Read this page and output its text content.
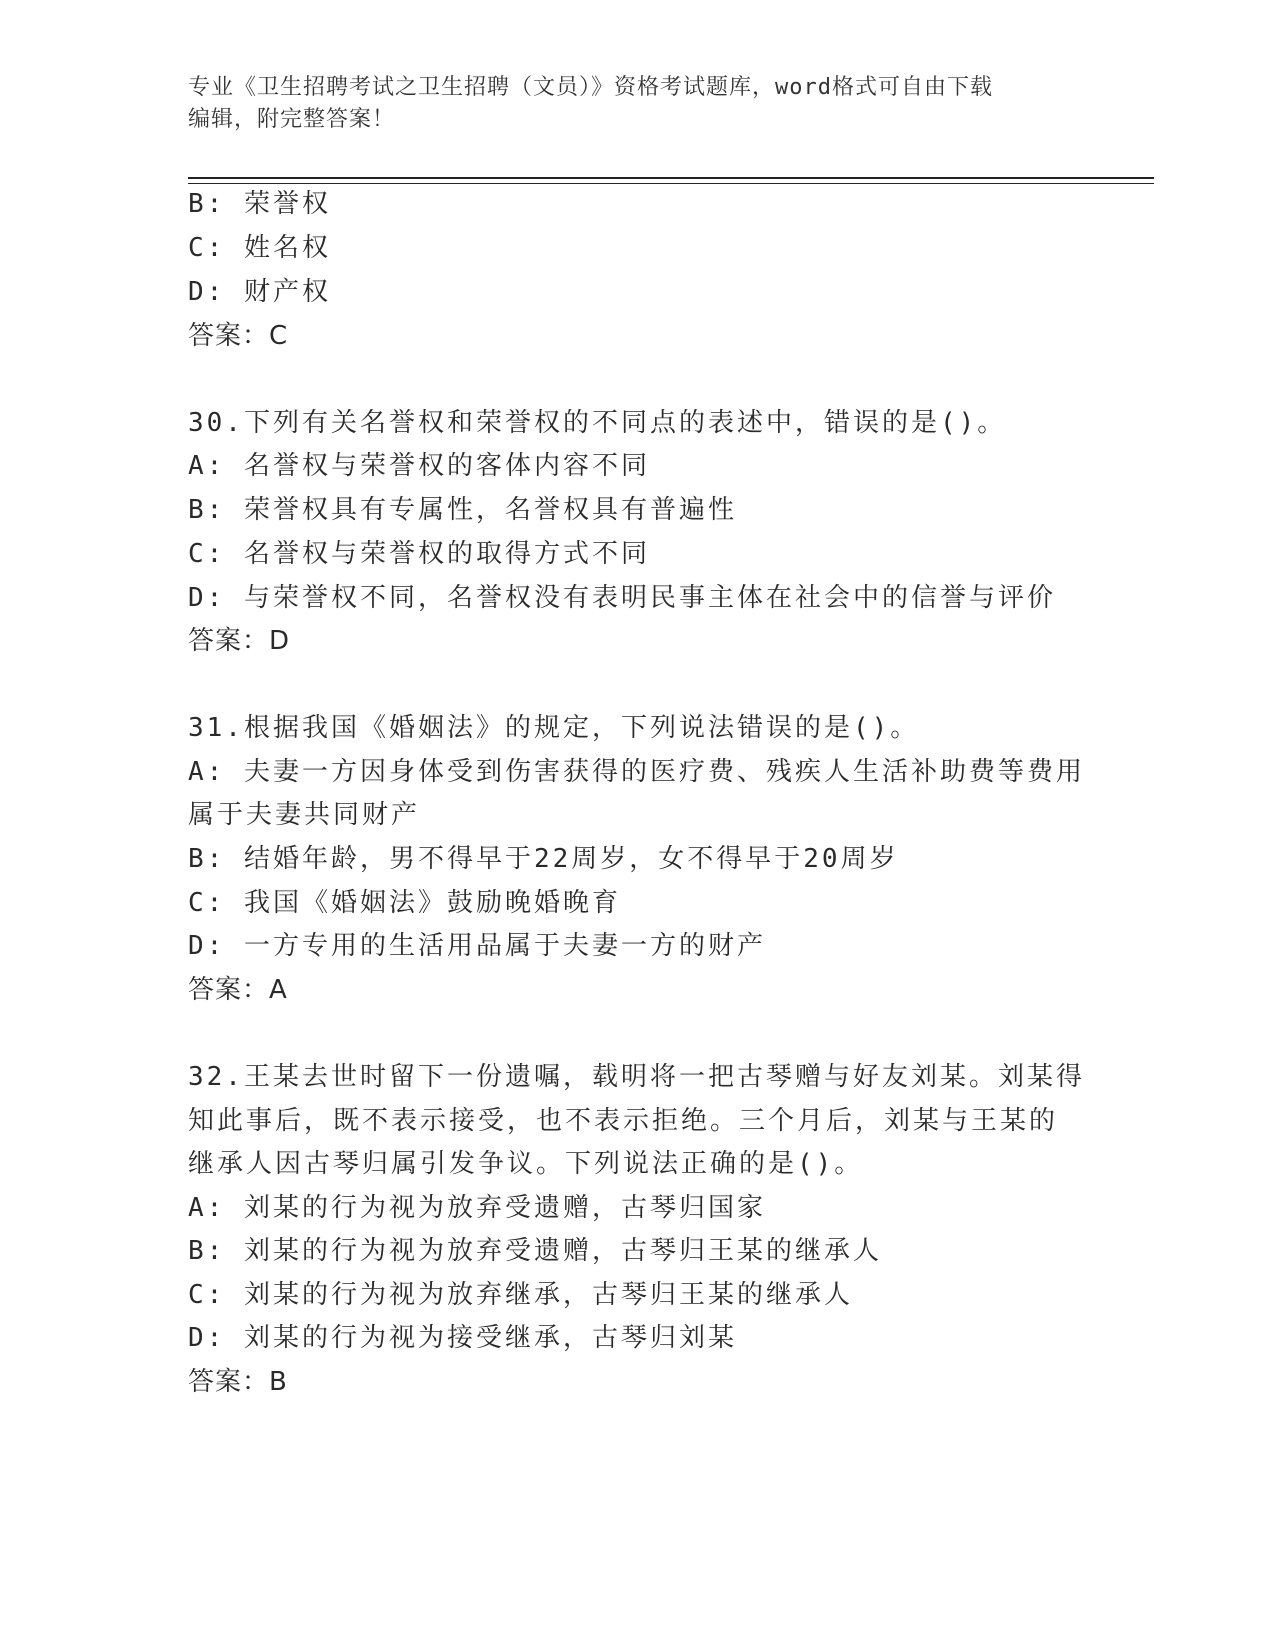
专业《卫生招聘考试之卫生招聘（文员）》资格考试题库，word格式可自由下载
编辑，附完整答案！
B: 荣誉权
C: 姓名权
D: 财产权
答案：C
30.下列有关名誉权和荣誉权的不同点的表述中，错误的是()。
A: 名誉权与荣誉权的客体内容不同
B: 荣誉权具有专属性，名誉权具有普遍性
C: 名誉权与荣誉权的取得方式不同
D: 与荣誉权不同，名誉权没有表明民事主体在社会中的信誉与评价
答案：D
31.根据我国《婚姻法》的规定，下列说法错误的是()。
A: 夫妻一方因身体受到伤害获得的医疗费、残疾人生活补助费等费用
属于夫妻共同财产
B: 结婚年龄，男不得早于22周岁，女不得早于20周岁
C: 我国《婚姻法》鼓励晚婚晚育
D: 一方专用的生活用品属于夫妻一方的财产
答案：A
32.王某去世时留下一份遗嘱，载明将一把古琴赠与好友刘某。刘某得
知此事后，既不表示接受，也不表示拒绝。三个月后，刘某与王某的
继承人因古琴归属引发争议。下列说法正确的是()。
A: 刘某的行为视为放弃受遗赠，古琴归国家
B: 刘某的行为视为放弃受遗赠，古琴归王某的继承人
C: 刘某的行为视为放弃继承，古琴归王某的继承人
D: 刘某的行为视为接受继承，古琴归刘某
答案：B
